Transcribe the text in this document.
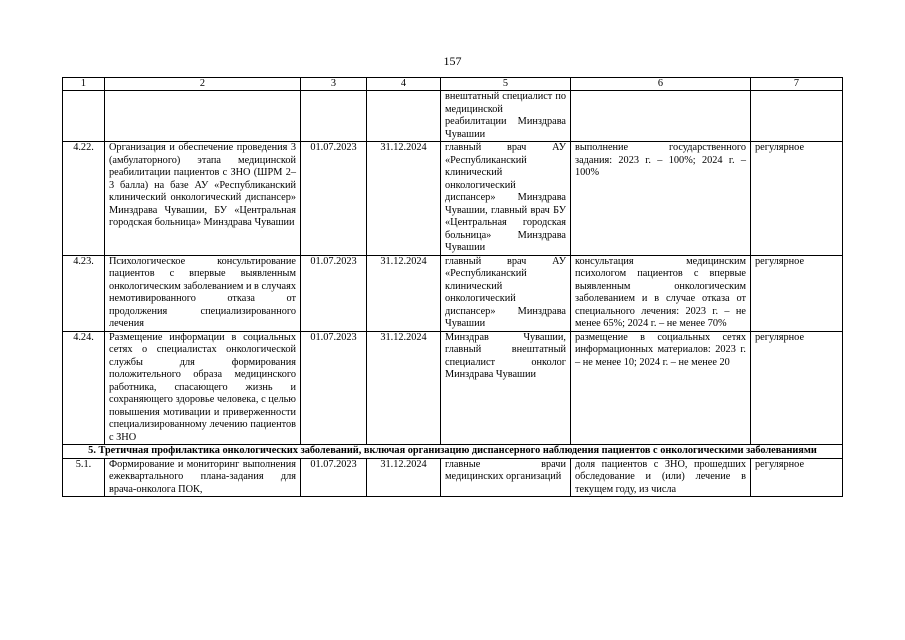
157
1	2	3	4	5	6	7
				внештатный специалист по медицинской реабилитации Минздрава Чувашии		
4.22.	Организация и обеспечение проведения 3 (амбулаторного) этапа медицинской реабилитации пациентов с ЗНО (ШРМ 2–3 балла) на базе АУ «Республиканский клинический онкологический диспансер» Минздрава Чувашии, БУ «Центральная городская больница» Минздрава Чувашии	01.07.2023	31.12.2024	главный врач АУ «Республиканский клинический онкологический диспансер» Минздрава Чувашии, главный врач БУ «Центральная городская больница» Минздрава Чувашии	выполнение государственного задания: 2023 г. – 100%; 2024 г. – 100%	регулярное
4.23.	Психологическое консультирование пациентов с впервые выявленным онкологическим заболеванием и в случаях немотивированного отказа от продолжения специализированного лечения	01.07.2023	31.12.2024	главный врач АУ «Республиканский клинический онкологический диспансер» Минздрава Чувашии	консультация медицинским психологом пациентов с впервые выявленным онкологическим заболеванием и в случае отказа от специального лечения: 2023 г. – не менее 65%; 2024 г. – не менее 70%	регулярное
4.24.	Размещение информации в социальных сетях о специалистах онкологической службы для формирования положительного образа медицинского работника, спасающего жизнь и сохраняющего здоровье человека, с целью повышения мотивации и приверженности специализированному лечению пациентов с ЗНО	01.07.2023	31.12.2024	Минздрав Чувашии, главный внештатный специалист онколог Минздрава Чувашии	размещение в социальных сетях информационных материалов: 2023 г. – не менее 10; 2024 г. – не менее 20	регулярное
5. Третичная профилактика онкологических заболеваний, включая организацию диспансерного наблюдения пациентов с онкологическими заболеваниями						
5.1.	Формирование и мониторинг выполнения ежеквартального плана-задания для врача-онколога ПОК,	01.07.2023	31.12.2024	главные врачи медицинских организаций	доля пациентов с ЗНО, прошедших обследование и (или) лечение в текущем году, из числа	регулярное
